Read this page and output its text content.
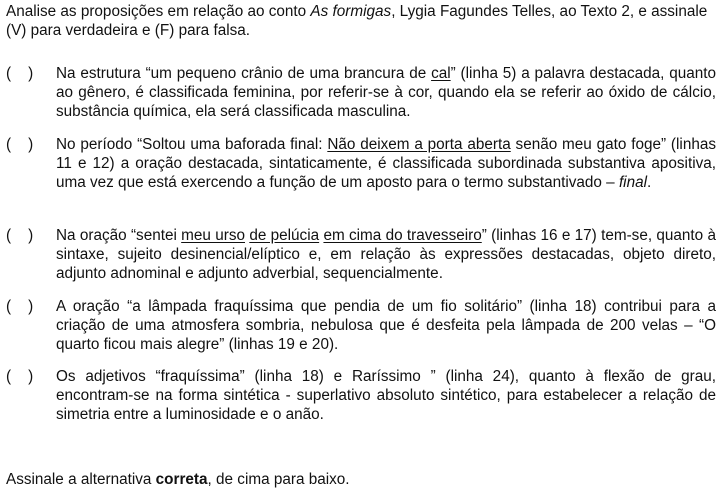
Analise as proposições em relação ao conto As formigas, Lygia Fagundes Telles, ao Texto 2, e assinale (V) para verdadeira e (F) para falsa.

(    )	Na estrutura “um pequeno crânio de uma brancura de cal” (linha 5) a palavra destacada, quanto ao gênero, é classificada feminina, por referir-se à cor, quando ela se referir ao óxido de cálcio, substância química, ela será classificada masculina.
(    )	No período “Soltou uma baforada final: Não deixem a porta aberta senão meu gato foge” (linhas 11 e 12) a oração destacada, sintaticamente, é classificada subordinada substantiva apositiva, uma vez que está exercendo a função de um aposto para o termo substantivado – final.
(    )	Na oração “sentei meu urso de pelúcia em cima do travesseiro” (linhas 16 e 17) tem-se, quanto à sintaxe, sujeito desinencial/elíptico e, em relação às expressões destacadas, objeto direto, adjunto adnominal e adjunto adverbial, sequencialmente.
(    )	A oração “a lâmpada fraquíssima que pendia de um fio solitário” (linha 18) contribui para a criação de uma atmosfera sombria, nebulosa que é desfeita pela lâmpada de 200 velas – “O quarto ficou mais alegre” (linhas 19 e 20).
(    )	Os adjetivos “fraquíssima” (linha 18) e Raríssimo ” (linha 24), quanto à flexão de grau, encontram-se na forma sintética - superlativo absoluto sintético, para estabelecer a relação de simetria entre a luminosidade e o anão.

Assinale a alternativa correta, de cima para baixo.
